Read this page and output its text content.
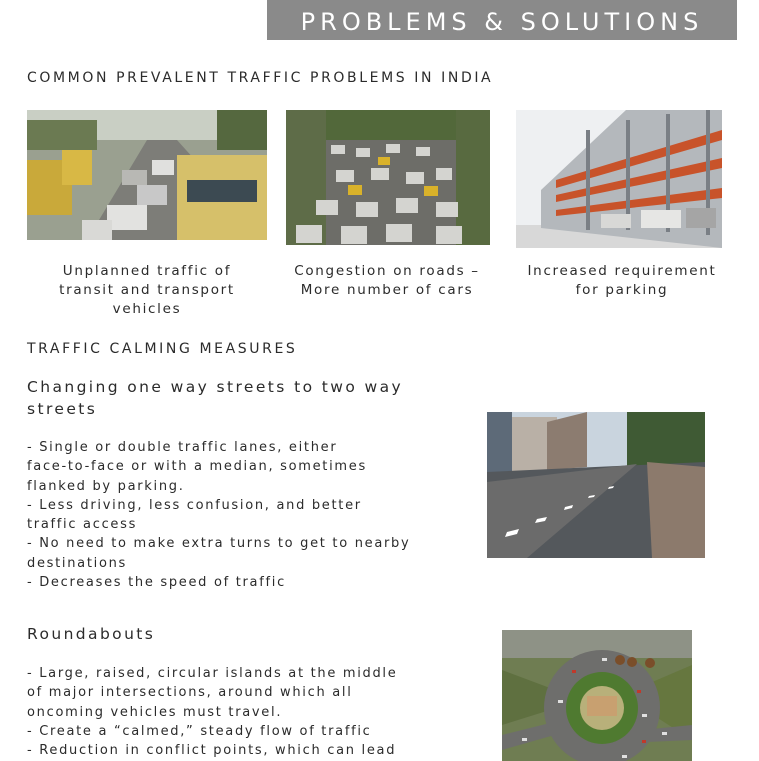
PROBLEMS & SOLUTIONS
COMMON PREVALENT TRAFFIC PROBLEMS IN INDIA
Unplanned traffic of
transit and transport
vehicles
Congestion on roads –
More number of cars
Increased requirement
for parking
TRAFFIC CALMING MEASURES
Changing one way streets to two way
streets
- Single or double traffic lanes, either
face-to-face or with a median, sometimes
flanked by parking.
- Less driving, less confusion, and better
traffic access
- No need to make extra turns to get to nearby
destinations
- Decreases the speed of traffic
Roundabouts
- Large, raised, circular islands at the middle
of major intersections, around which all
oncoming vehicles must travel.
- Create a “calmed,” steady flow of traffic
- Reduction in conflict points, which can lead
